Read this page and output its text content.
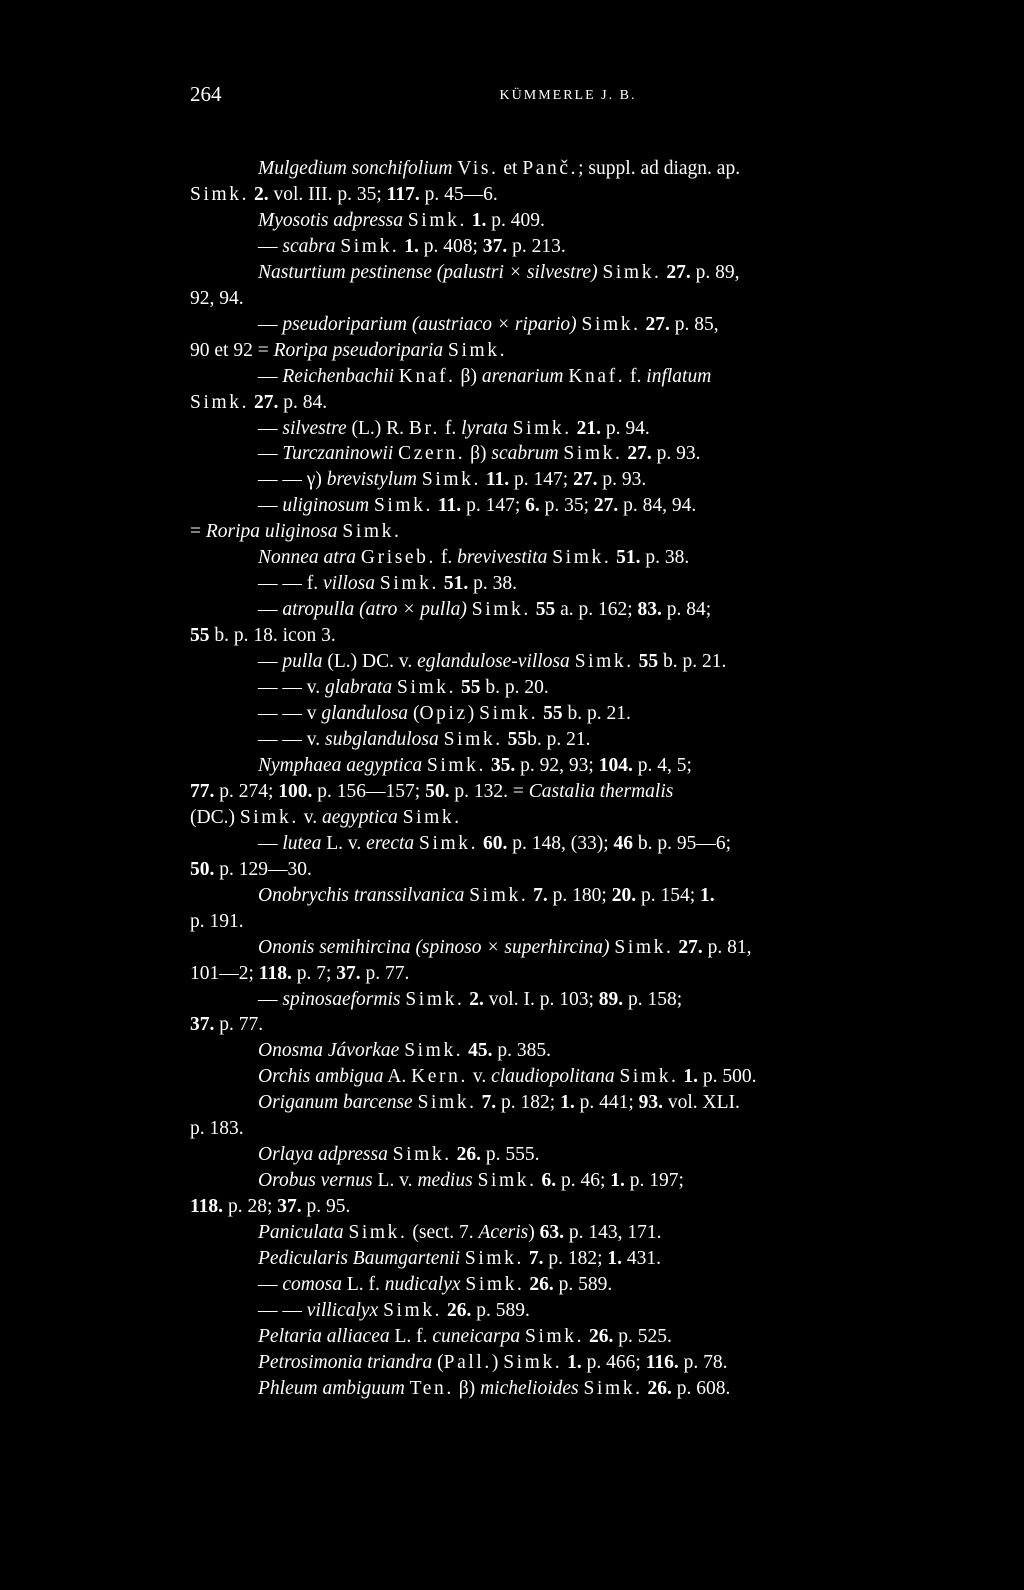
264	KÜMMERLE J. B.
Mulgedium sonchifolium Vis. et Panč.; suppl. ad diagn. ap.
Simk. 2. vol. III. p. 35; 117. p. 45—6.
Myosotis adpressa Simk. 1. p. 409.
— scabra Simk. 1. p. 408; 37. p. 213.
Nasturtium pestinense (palustri × silvestre) Simk. 27. p. 89,
92, 94.
— pseudoriparium (austriaco × ripario) Simk. 27. p. 85,
90 et 92 = Roripa pseudoriparia Simk.
— Reichenbachii Knaf. β) arenarium Knaf. f. inflatum
Simk. 27. p. 84.
— silvestre (L.) R. Br. f. lyrata Simk. 21. p. 94.
— Turczaninowii Czern. β) scabrum Simk. 27. p. 93.
— — γ) brevistylum Simk. 11. p. 147; 27. p. 93.
— uliginosum Simk. 11. p. 147; 6. p. 35; 27. p. 84, 94.
= Roripa uliginosa Simk.
Nonnea atra Griseb. f. brevivestita Simk. 51. p. 38.
— — f. villosa Simk. 51. p. 38.
— atropulla (atro × pulla) Simk. 55 a. p. 162; 83. p. 84;
55 b. p. 18. icon 3.
— pulla (L.) DC. v. eglandulose-villosa Simk. 55 b. p. 21.
— — v. glabrata Simk. 55 b. p. 20.
— — v glandulosa (Opiz) Simk. 55 b. p. 21.
— — v. subglandulosa Simk. 55b. p. 21.
Nymphaea aegyptica Simk. 35. p. 92, 93; 104. p. 4, 5;
77. p. 274; 100. p. 156—157; 50. p. 132. = Castalia thermalis
(DC.) Simk. v. aegyptica Simk.
— lutea L. v. erecta Simk. 60. p. 148, (33); 46 b. p. 95—6;
50. p. 129—30.
Onobrychis transsilvanica Simk. 7. p. 180; 20. p. 154; 1.
p. 191.
Ononis semihircina (spinoso × superhircina) Simk. 27. p. 81,
101—2; 118. p. 7; 37. p. 77.
— spinosaeformis Simk. 2. vol. I. p. 103; 89. p. 158;
37. p. 77.
Onosma Jávorkae Simk. 45. p. 385.
Orchis ambigua A. Kern. v. claudiopolitana Simk. 1. p. 500.
Origanum barcense Simk. 7. p. 182; 1. p. 441; 93. vol. XLI.
p. 183.
Orlaya adpressa Simk. 26. p. 555.
Orobus vernus L. v. medius Simk. 6. p. 46; 1. p. 197;
118. p. 28; 37. p. 95.
Paniculata Simk. (sect. 7. Aceris) 63. p. 143, 171.
Pedicularis Baumgartenii Simk. 7. p. 182; 1. 431.
— comosa L. f. nudicalyx Simk. 26. p. 589.
— — villicalyx Simk. 26. p. 589.
Peltaria alliacea L. f. cuneicarpa Simk. 26. p. 525.
Petrosimonia triandra (Pall.) Simk. 1. p. 466; 116. p. 78.
Phleum ambiguum Ten. β) michelioides Simk. 26. p. 608.
